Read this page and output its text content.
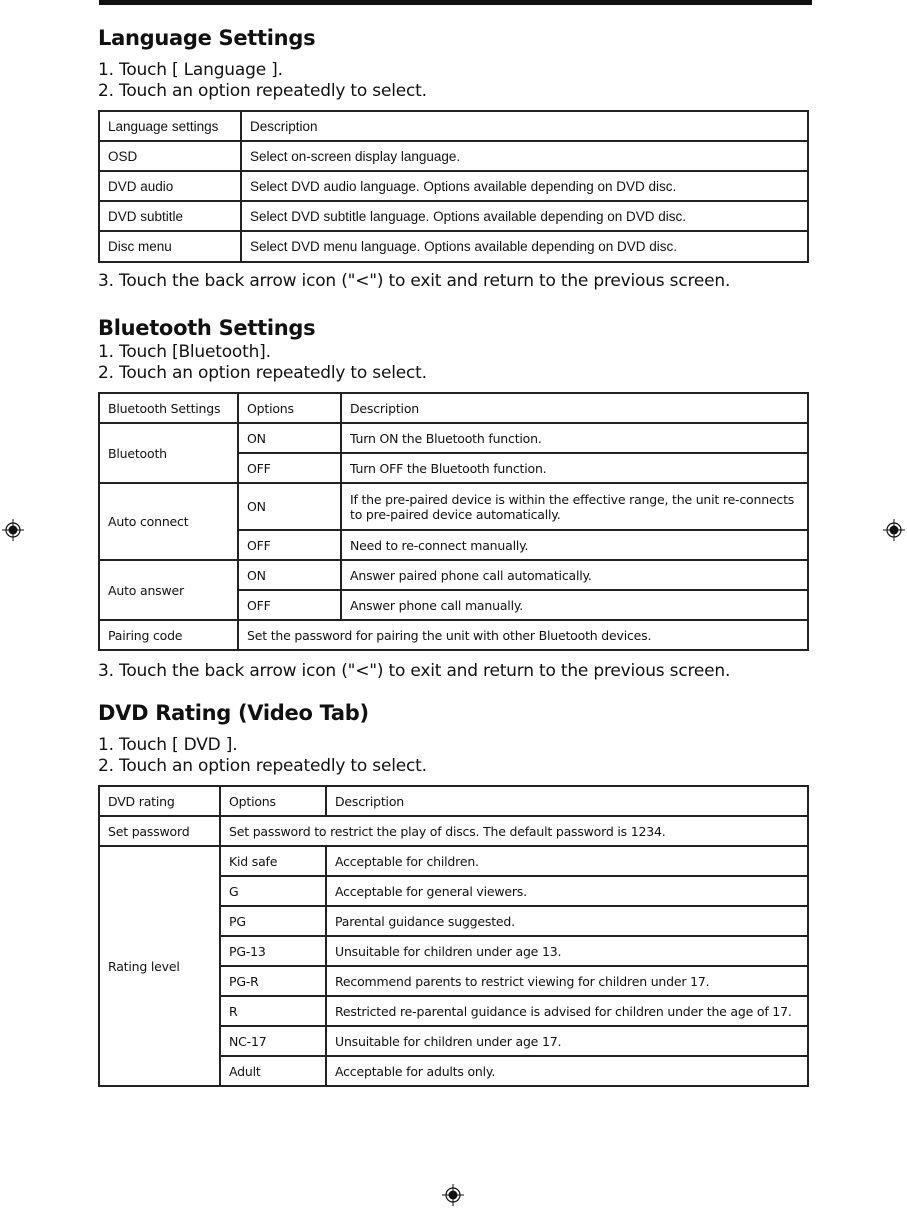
Language Settings

1. Touch [ Language ].

2. Touch an option repeatedly to select.

Language settings	Description
OSD	Select on-screen display language.
DVD audio	Select DVD audio language. Options available depending on DVD disc.
DVD subtitle	Select DVD subtitle language. Options available depending on DVD disc.
Disc menu	Select DVD menu language. Options available depending on DVD disc.

3. Touch the back arrow icon ("<") to exit and return to the previous screen.

Bluetooth Settings

1. Touch [Bluetooth].

2. Touch an option repeatedly to select.

Bluetooth Settings	Options	Description
Bluetooth	ON	Turn ON the Bluetooth function.
	OFF	Turn OFF the Bluetooth function.
Auto connect	ON	If the pre-paired device is within the effective range, the unit re-connects to pre-paired device automatically.
	OFF	Need to re-connect manually.
Auto answer	ON	Answer paired phone call automatically.
	OFF	Answer phone call manually.
Pairing code	Set the password for pairing the unit with other Bluetooth devices.	

3. Touch the back arrow icon ("<") to exit and return to the previous screen.

DVD Rating (Video Tab)

1. Touch [ DVD ].

2. Touch an option repeatedly to select.

DVD rating	Options	Description
Set password	Set password to restrict the play of discs. The default password is 1234.	
Rating level	Kid safe	Acceptable for children.
	G	Acceptable for general viewers.
	PG	Parental guidance suggested.
	PG-13	Unsuitable for children under age 13.
	PG-R	Recommend parents to restrict viewing for children under 17.
	R	Restricted re-parental guidance is advised for children under the age of 17.
	NC-17	Unsuitable for children under age 17.
	Adult	Acceptable for adults only.
